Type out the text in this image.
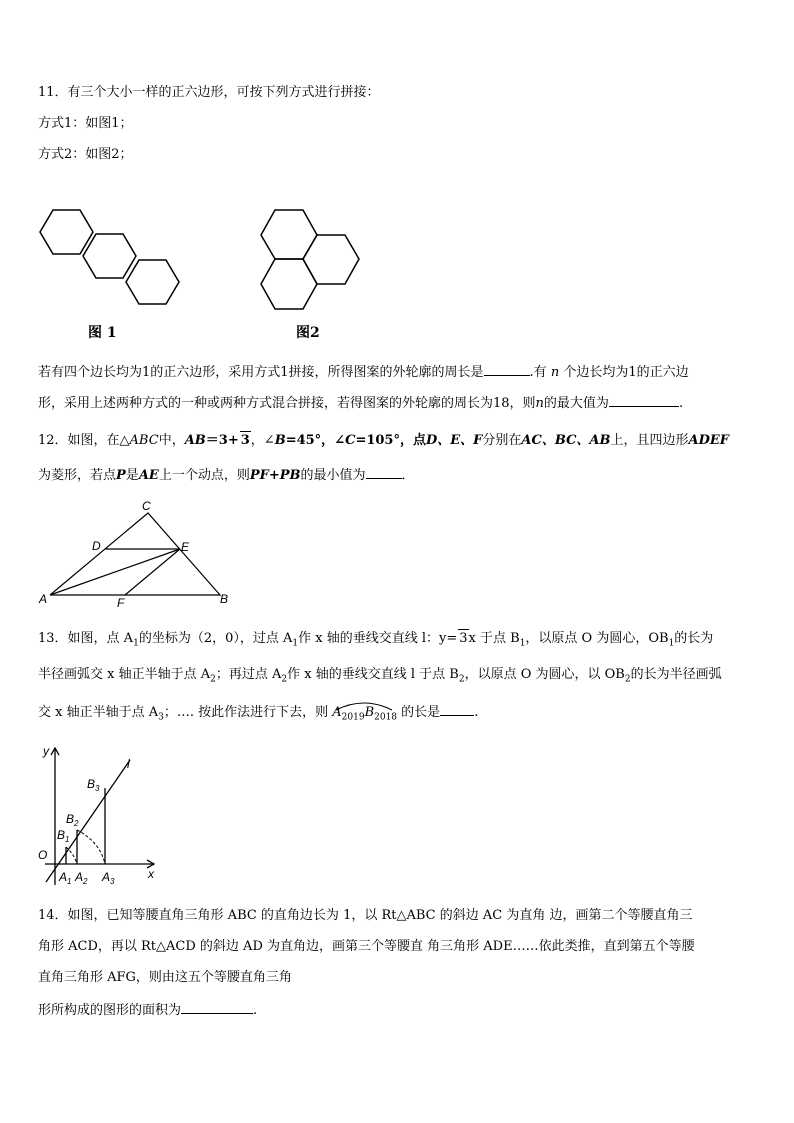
11．有三个大小一样的正六边形，可按下列方式进行拼接：
方式1：如图1；
方式2：如图2；
图 1	图2
若有四个边长均为1的正六边形，采用方式1拼接，所得图案的外轮廓的周长是	.有 n 个边长均为1的正六边
形，采用上述两种方式的一种或两种方式混合拼接，若得图案的外轮廓的周长为18，则n的最大值为	.
12．如图，在△ABC中，AB＝3+ 3，∠B=45°，∠C=105°，点D、E、F分别在AC、BC、AB上，且四边形ADEF
为菱形，若点P是AE上一个动点，则PF+PB的最小值为	．
C
D	E
A	F	B
13．如图，点 $A_1$的坐标为（2，0），过点 $A_1$作 x 轴的垂线交直线 l：y= 3x 于点 $B_1$，以原点 O 为圆心，$OB_1$的长为
半径画弧交 x 轴正半轴于点 $A_2$；再过点 $A_2$作 x 轴的垂线交直线 l 于点 $B_2$，以原点 O 为圆心，以 $OB_2$的长为半径画弧
交 x 轴正半轴于点 $A_3$；…. 按此作法进行下去，则 $A_{2019}B_{2018}$ 的长是	.
y
l
O
x
$B_3$
$B_2$
$B_1$
$A_1$ $A_2$ $A_3$
14．如图，已知等腰直角三角形 ABC 的直角边长为 1，以 Rt△ABC 的斜边 AC 为直角 边，画第二个等腰直角三
角形 ACD，再以 Rt△ACD 的斜边 AD 为直角边，画第三个等腰直 角三角形 ADE……依此类推，直到第五个等腰
直角三角形 AFG，则由这五个等腰直角三角
形所构成的图形的面积为	.
